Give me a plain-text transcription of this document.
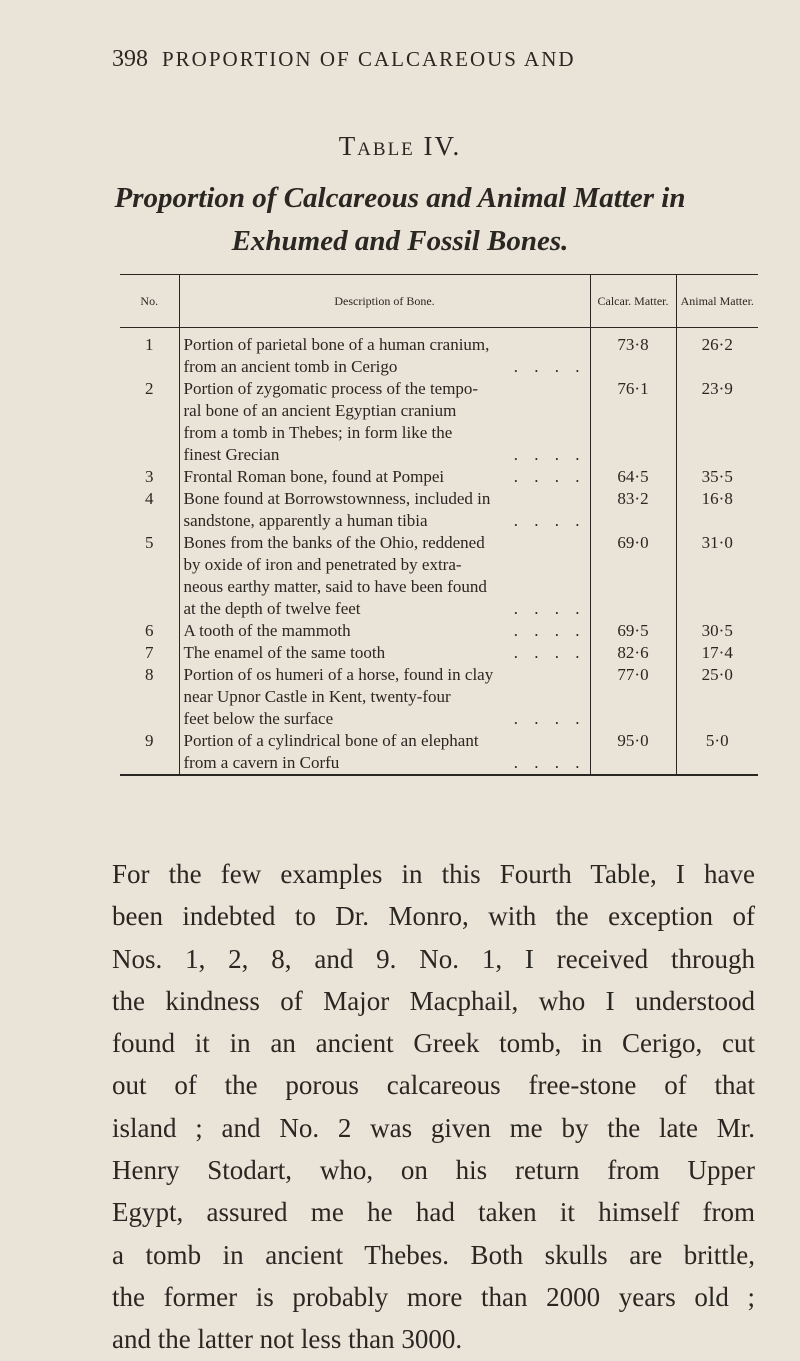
398 PROPORTION OF CALCAREOUS AND
Table IV.
Proportion of Calcareous and Animal Matter in
Exhumed and Fossil Bones.
No.	Description of Bone.	Calcar. Matter.	Animal Matter.
1	Portion of parietal bone of a human cranium,
from an ancient tomb in Cerigo . . . .	73·8	26·2
2	Portion of zygomatic process of the tempo-
ral bone of an ancient Egyptian cranium
from a tomb in Thebes; in form like the
finest Grecian . . . .	76·1	23·9
3	Frontal Roman bone, found at Pompei . . . .	64·5	35·5
4	Bone found at Borrowstownness, included in
sandstone, apparently a human tibia . . . .	83·2	16·8
5	Bones from the banks of the Ohio, reddened
by oxide of iron and penetrated by extra-
neous earthy matter, said to have been found
at the depth of twelve feet . . . .	69·0	31·0
6	A tooth of the mammoth . . . .	69·5	30·5
7	The enamel of the same tooth . . . .	82·6	17·4
8	Portion of os humeri of a horse, found in clay
near Upnor Castle in Kent, twenty-four
feet below the surface . . . .	77·0	25·0
9	Portion of a cylindrical bone of an elephant
from a cavern in Corfu . . . .	95·0	5·0
For the few examples in this Fourth Table, I have
been indebted to Dr. Monro, with the exception of
Nos. 1, 2, 8, and 9. No. 1, I received through
the kindness of Major Macphail, who I understood
found it in an ancient Greek tomb, in Cerigo, cut
out of the porous calcareous free-stone of that
island ; and No. 2 was given me by the late Mr.
Henry Stodart, who, on his return from Upper
Egypt, assured me he had taken it himself from
a tomb in ancient Thebes. Both skulls are brittle,
the former is probably more than 2000 years old ;
and the latter not less than 3000.
